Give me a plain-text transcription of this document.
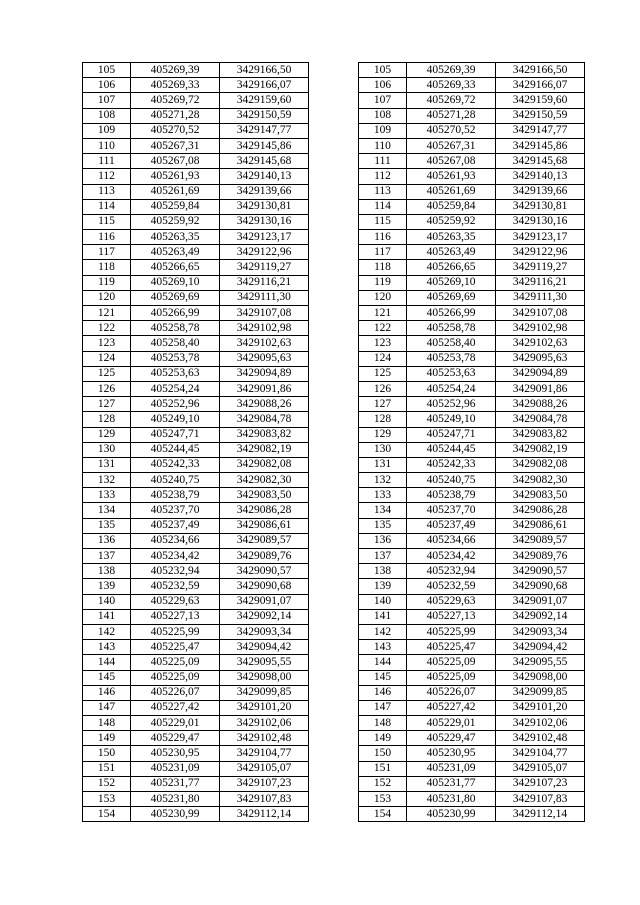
105	405269,39	3429166,50
106	405269,33	3429166,07
107	405269,72	3429159,60
108	405271,28	3429150,59
109	405270,52	3429147,77
110	405267,31	3429145,86
111	405267,08	3429145,68
112	405261,93	3429140,13
113	405261,69	3429139,66
114	405259,84	3429130,81
115	405259,92	3429130,16
116	405263,35	3429123,17
117	405263,49	3429122,96
118	405266,65	3429119,27
119	405269,10	3429116,21
120	405269,69	3429111,30
121	405266,99	3429107,08
122	405258,78	3429102,98
123	405258,40	3429102,63
124	405253,78	3429095,63
125	405253,63	3429094,89
126	405254,24	3429091,86
127	405252,96	3429088,26
128	405249,10	3429084,78
129	405247,71	3429083,82
130	405244,45	3429082,19
131	405242,33	3429082,08
132	405240,75	3429082,30
133	405238,79	3429083,50
134	405237,70	3429086,28
135	405237,49	3429086,61
136	405234,66	3429089,57
137	405234,42	3429089,76
138	405232,94	3429090,57
139	405232,59	3429090,68
140	405229,63	3429091,07
141	405227,13	3429092,14
142	405225,99	3429093,34
143	405225,47	3429094,42
144	405225,09	3429095,55
145	405225,09	3429098,00
146	405226,07	3429099,85
147	405227,42	3429101,20
148	405229,01	3429102,06
149	405229,47	3429102,48
150	405230,95	3429104,77
151	405231,09	3429105,07
152	405231,77	3429107,23
153	405231,80	3429107,83
154	405230,99	3429112,14
105	405269,39	3429166,50
106	405269,33	3429166,07
107	405269,72	3429159,60
108	405271,28	3429150,59
109	405270,52	3429147,77
110	405267,31	3429145,86
111	405267,08	3429145,68
112	405261,93	3429140,13
113	405261,69	3429139,66
114	405259,84	3429130,81
115	405259,92	3429130,16
116	405263,35	3429123,17
117	405263,49	3429122,96
118	405266,65	3429119,27
119	405269,10	3429116,21
120	405269,69	3429111,30
121	405266,99	3429107,08
122	405258,78	3429102,98
123	405258,40	3429102,63
124	405253,78	3429095,63
125	405253,63	3429094,89
126	405254,24	3429091,86
127	405252,96	3429088,26
128	405249,10	3429084,78
129	405247,71	3429083,82
130	405244,45	3429082,19
131	405242,33	3429082,08
132	405240,75	3429082,30
133	405238,79	3429083,50
134	405237,70	3429086,28
135	405237,49	3429086,61
136	405234,66	3429089,57
137	405234,42	3429089,76
138	405232,94	3429090,57
139	405232,59	3429090,68
140	405229,63	3429091,07
141	405227,13	3429092,14
142	405225,99	3429093,34
143	405225,47	3429094,42
144	405225,09	3429095,55
145	405225,09	3429098,00
146	405226,07	3429099,85
147	405227,42	3429101,20
148	405229,01	3429102,06
149	405229,47	3429102,48
150	405230,95	3429104,77
151	405231,09	3429105,07
152	405231,77	3429107,23
153	405231,80	3429107,83
154	405230,99	3429112,14
